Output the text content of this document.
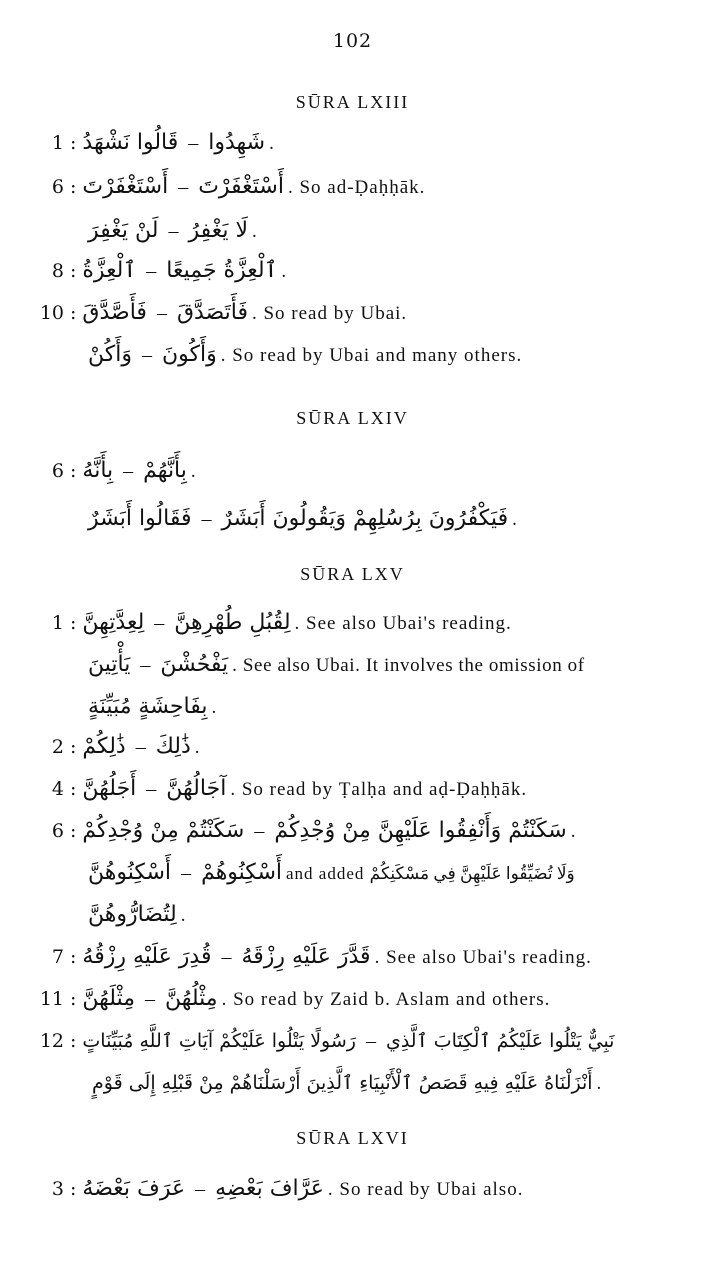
102
SŪRA LXIII
1 : قَالُوا نَشْهَدُ – شَهِدُوا .
6 : أَسْتَغْفَرْتَ – أَسْتَغْفَرْتَ . So ad-Ḍaḥḥāk.
لَنْ يَغْفِرَ – لَا يَغْفِرُ .
8 : ٱلْعِزَّةُ – ٱلْعِزَّةُ جَمِيعًا .
10 : فَأَصَّدَّقَ – فَأَتَصَدَّقَ . So read by Ubai.
وَأَكُنْ – وَأَكُونَ . So read by Ubai and many others.
SŪRA LXIV
6 : بِأَنَّهُ – بِأَنَّهُمْ .
فَقَالُوا أَبَشَرٌ – فَيَكْفُرُونَ بِرُسُلِهِمْ وَيَقُولُونَ أَبَشَرٌ .
SŪRA LXV
1 : لِعِدَّتِهِنَّ – لِقُبُلِ طُهْرِهِنَّ . See also Ubai's reading.
يَأْتِينَ – يَفْحُشْنَ . See also Ubai. It involves the omission of
بِفَاحِشَةٍ مُبَيِّنَةٍ .
2 : ذَٰلِكُمْ – ذَٰلِكَ .
4 : أَجَلُهُنَّ – آجَالُهُنَّ . So read by Ṭalḥa and aḍ-Ḍaḥḥāk.
6 : سَكَنْتُمْ مِنْ وُجْدِكُمْ – سَكَنْتُمْ وَأَنْفِقُوا عَلَيْهِنَّ مِنْ وُجْدِكُمْ .
أَسْكِنُوهُنَّ – أَسْكِنُوهُمْ and added وَلَا تُضَيِّقُوا عَلَيْهِنَّ فِي مَسْكَنِكُمْ
لِتُضَارُّوهُنَّ .
7 : قُدِرَ عَلَيْهِ رِزْقُهُ – قَدَّرَ عَلَيْهِ رِزْقَهُ . See also Ubai's reading.
11 : مِثْلَهُنَّ – مِثْلُهُنَّ . So read by Zaid b. Aslam and others.
12 : رَسُولًا يَتْلُوا عَلَيْكُمْ آيَاتِ ٱللَّهِ مُبَيِّنَاتٍ – نَبِيٌّ يَتْلُوا عَلَيْكُمُ ٱلْكِتَابَ ٱلَّذِي
أَنْزَلْنَاهُ عَلَيْهِ فِيهِ قَصَصُ ٱلْأَنْبِيَاءِ ٱلَّذِينَ أَرْسَلْنَاهُمْ مِنْ قَبْلِهِ إِلَى قَوْمٍ .
SŪRA LXVI
3 : عَرَفَ بَعْضَهُ – عَرَّافَ بَعْضِهِ . So read by Ubai also.
